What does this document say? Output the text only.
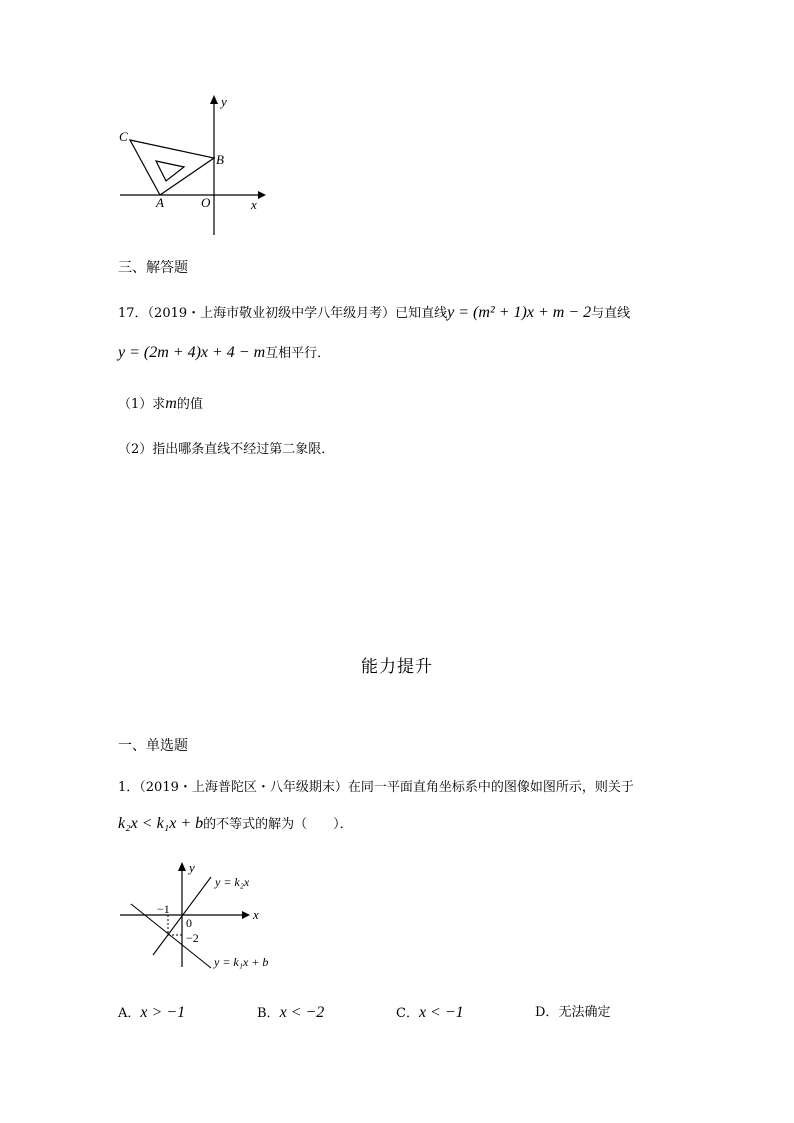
y
C
B
A	O	x
三、解答题
17．（2019・上海市敬业初级中学八年级月考）已知直线y = (m² + 1)x + m − 2与直线
y = (2m + 4)x + 4 − m互相平行．
（1）求m的值
（2）指出哪条直线不经过第二象限．
能力提升
一、单选题
1．（2019・上海普陀区・八年级期末）在同一平面直角坐标系中的图像如图所示，则关于
k₂x < k₁x + b的不等式的解为（　　）．
y
−1
0
−2
x
y = k₂x
y = k₁x + b
A．x > −1	B．x < −2	C．x < −1	D．无法确定
